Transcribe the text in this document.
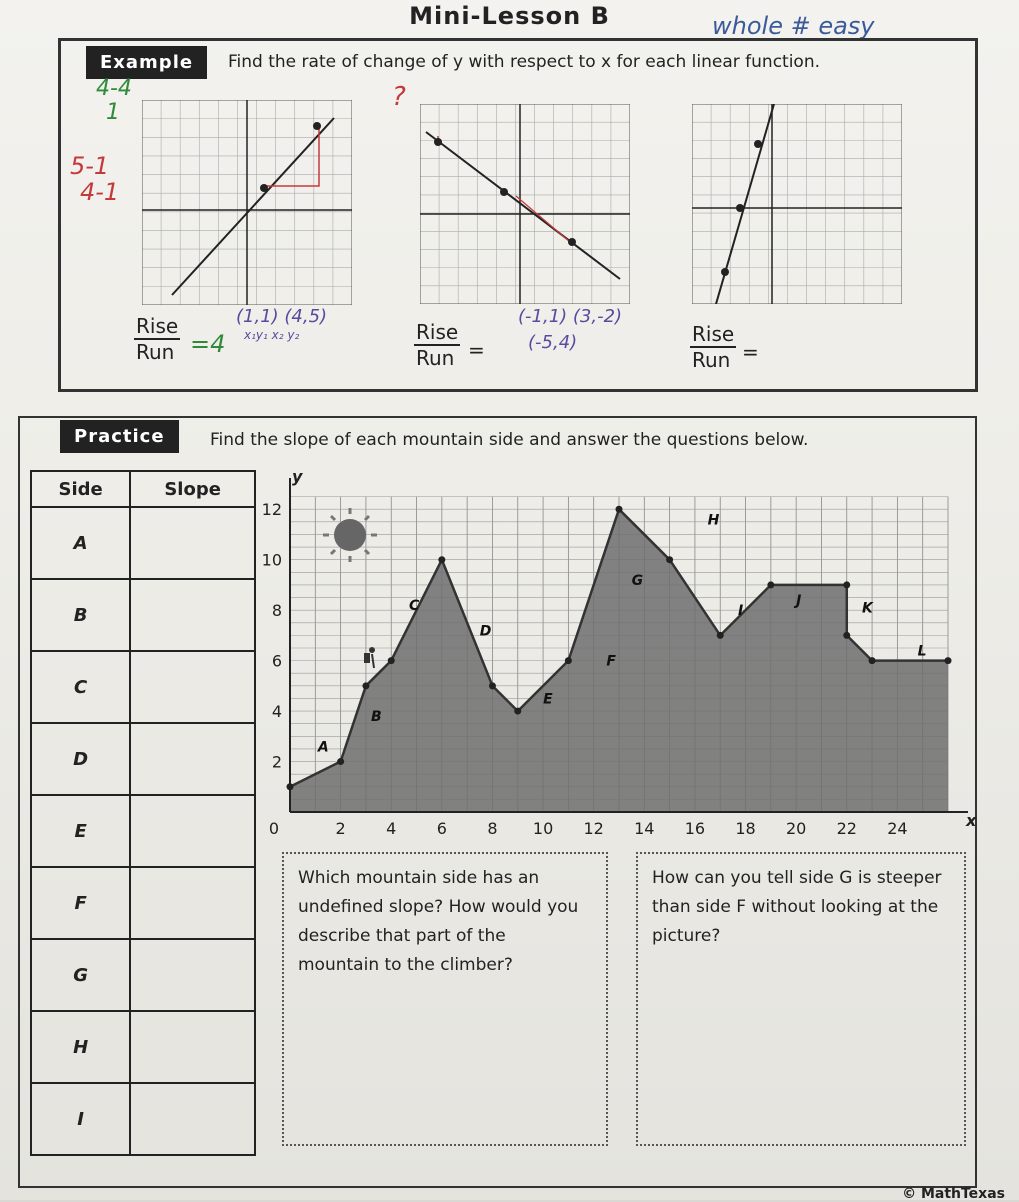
Mini-Lesson B	whole # easy
Example	Find the rate of change of y with respect to x for each linear function.
4-4
1
5-1
4-1
?
Rise
Run =4
(1,1) (4,5)
x₁y₁ x₂ y₂	Rise
Run =
(-1,1) (3,-2)
(-5,4)	Rise
Run =
Practice	Find the slope of each mountain side and answer the questions below.
Side	Slope
A	
B	
C	
D	
E	
F	
G	
H	
I	
0	2	4	6	8 10 12 14 16 18 20 22 24
2
4
6
8
10
12
A
B
C
D
E
F
G
H
I
J	K
L
x
y
Which mountain side has an undefined slope? How would you describe that part of the mountain to the climber?
How can you tell side G is steeper than side F without looking at the picture?
© MathTexas
